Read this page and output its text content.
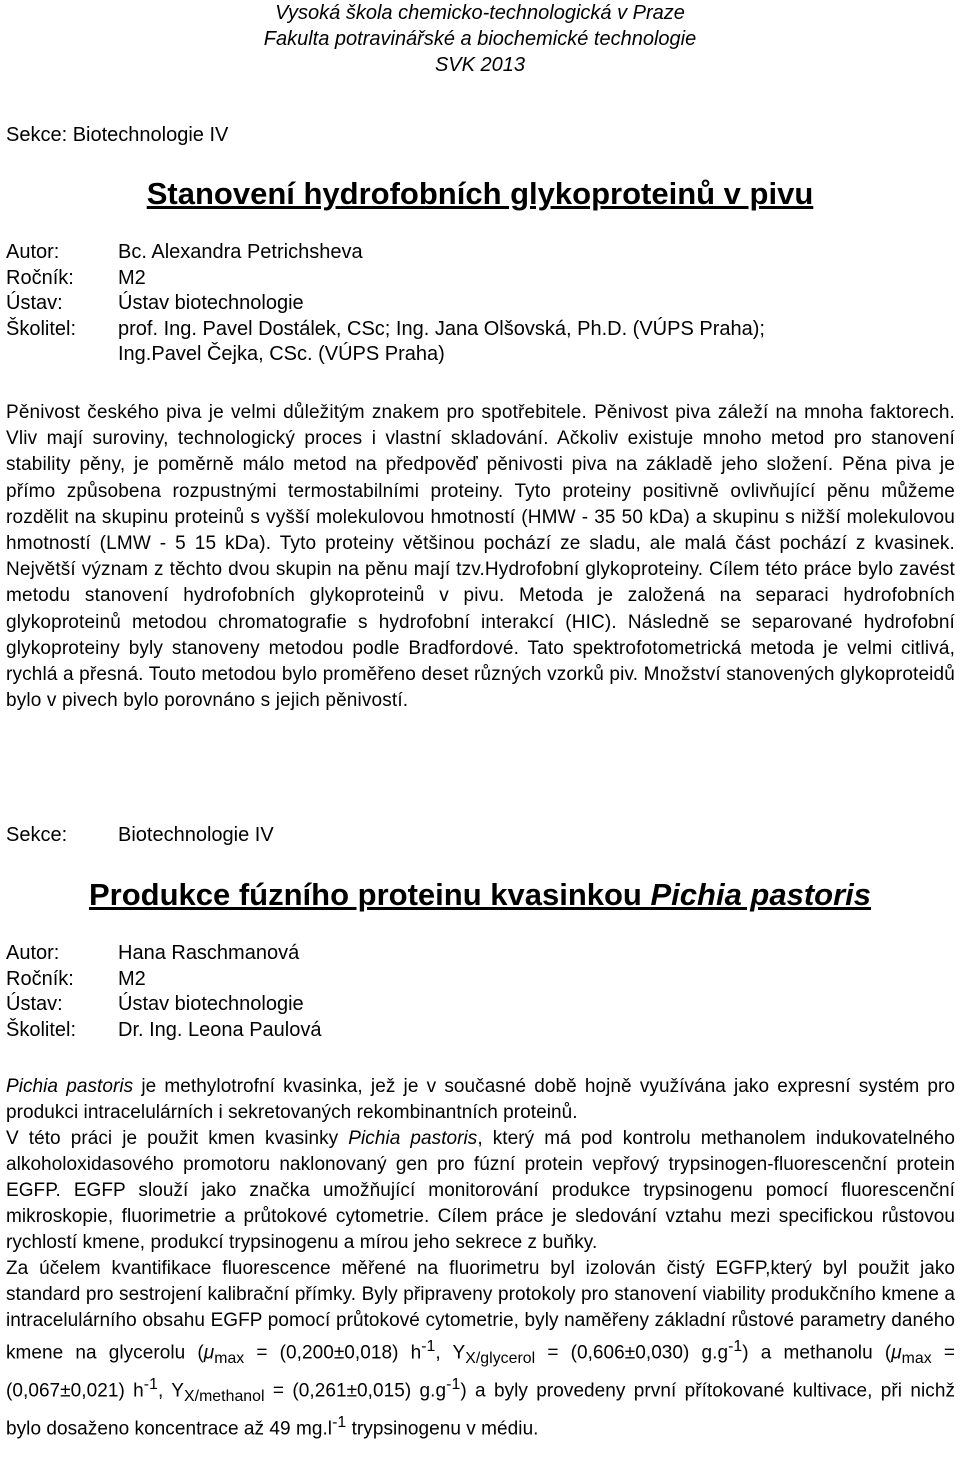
Vysoká škola chemicko-technologická v Praze
Fakulta potravinářské a biochemické technologie
SVK 2013
Sekce: Biotechnologie IV
Stanovení hydrofobních glykoproteinů v pivu
Autor:	Bc. Alexandra Petrichsheva
Ročník:	M2
Ústav:	Ústav biotechnologie
Školitel:	prof. Ing. Pavel Dostálek, CSc; Ing. Jana Olšovská, Ph.D. (VÚPS Praha); Ing.Pavel Čejka, CSc. (VÚPS Praha)

Pěnivost českého piva je velmi důležitým znakem pro spotřebitele. Pěnivost piva záleží na mnoha faktorech. Vliv mají suroviny, technologický proces i vlastní skladování. Ačkoliv existuje mnoho metod pro stanovení stability pěny, je poměrně málo metod na předpověď pěnivosti piva na základě jeho složení. Pěna piva je přímo způsobena rozpustnými termostabilními proteiny. Tyto proteiny positivně ovlivňující pěnu můžeme rozdělit na skupinu proteinů s vyšší molekulovou hmotností (HMW - 35 50 kDa) a skupinu s nižší molekulovou hmotností (LMW - 5 15 kDa). Tyto proteiny většinou pochází ze sladu, ale malá část pochází z kvasinek. Největší význam z těchto dvou skupin na pěnu mají tzv.Hydrofobní glykoproteiny. Cílem této práce bylo zavést metodu stanovení hydrofobních glykoproteinů v pivu. Metoda je založená na separaci hydrofobních glykoproteinů metodou chromatografie s hydrofobní interakcí (HIC). Následně se separované hydrofobní glykoproteiny byly stanoveny metodou podle Bradfordové. Tato spektrofotometrická metoda je velmi citlivá, rychlá a přesná. Touto metodou bylo proměřeno deset různých vzorků piv. Množství stanovených glykoproteidů bylo v pivech bylo porovnáno s jejich pěnivostí.

Sekce:	Biotechnologie IV
Produkce fúzního proteinu kvasinkou Pichia pastoris
Autor:	Hana Raschmanová
Ročník:	M2
Ústav:	Ústav biotechnologie
Školitel:	Dr. Ing. Leona Paulová

Pichia pastoris je methylotrofní kvasinka, jež je v současné době hojně využívána jako expresní systém pro produkci intracelulárních i sekretovaných rekombinantních proteinů.

V této práci je použit kmen kvasinky Pichia pastoris, který má pod kontrolu methanolem indukovatelného alkoholoxidasového promotoru naklonovaný gen pro fúzní protein vepřový trypsinogen-fluorescenční protein EGFP. EGFP slouží jako značka umožňující monitorování produkce trypsinogenu pomocí fluorescenční mikroskopie, fluorimetrie a průtokové cytometrie. Cílem práce je sledování vztahu mezi specifickou růstovou rychlostí kmene, produkcí trypsinogenu a mírou jeho sekrece z buňky.

Za účelem kvantifikace fluorescence měřené na fluorimetru byl izolován čistý EGFP,který byl použit jako standard pro sestrojení kalibrační přímky. Byly připraveny protokoly pro stanovení viability produkčního kmene a intracelulárního obsahu EGFP pomocí průtokové cytometrie, byly naměřeny základní růstové parametry daného kmene na glycerolu ($\mu_{max} = (0,200\pm 0,018)$ $h^{-1}$, $Y_{X/glycerol} = (0,606\pm 0,030)$ $g.g^{-1}$) a methanolu ($\mu_{max} = (0,067\pm 0,021)$ $h^{-1}$, $Y_{X/methanol} = (0,261\pm 0,015)$ $g.g^{-1}$) a byly provedeny první přítokované kultivace, při nichž bylo dosaženo koncentrace až 49 $mg.l^{-1}$ trypsinogenu v médiu.
